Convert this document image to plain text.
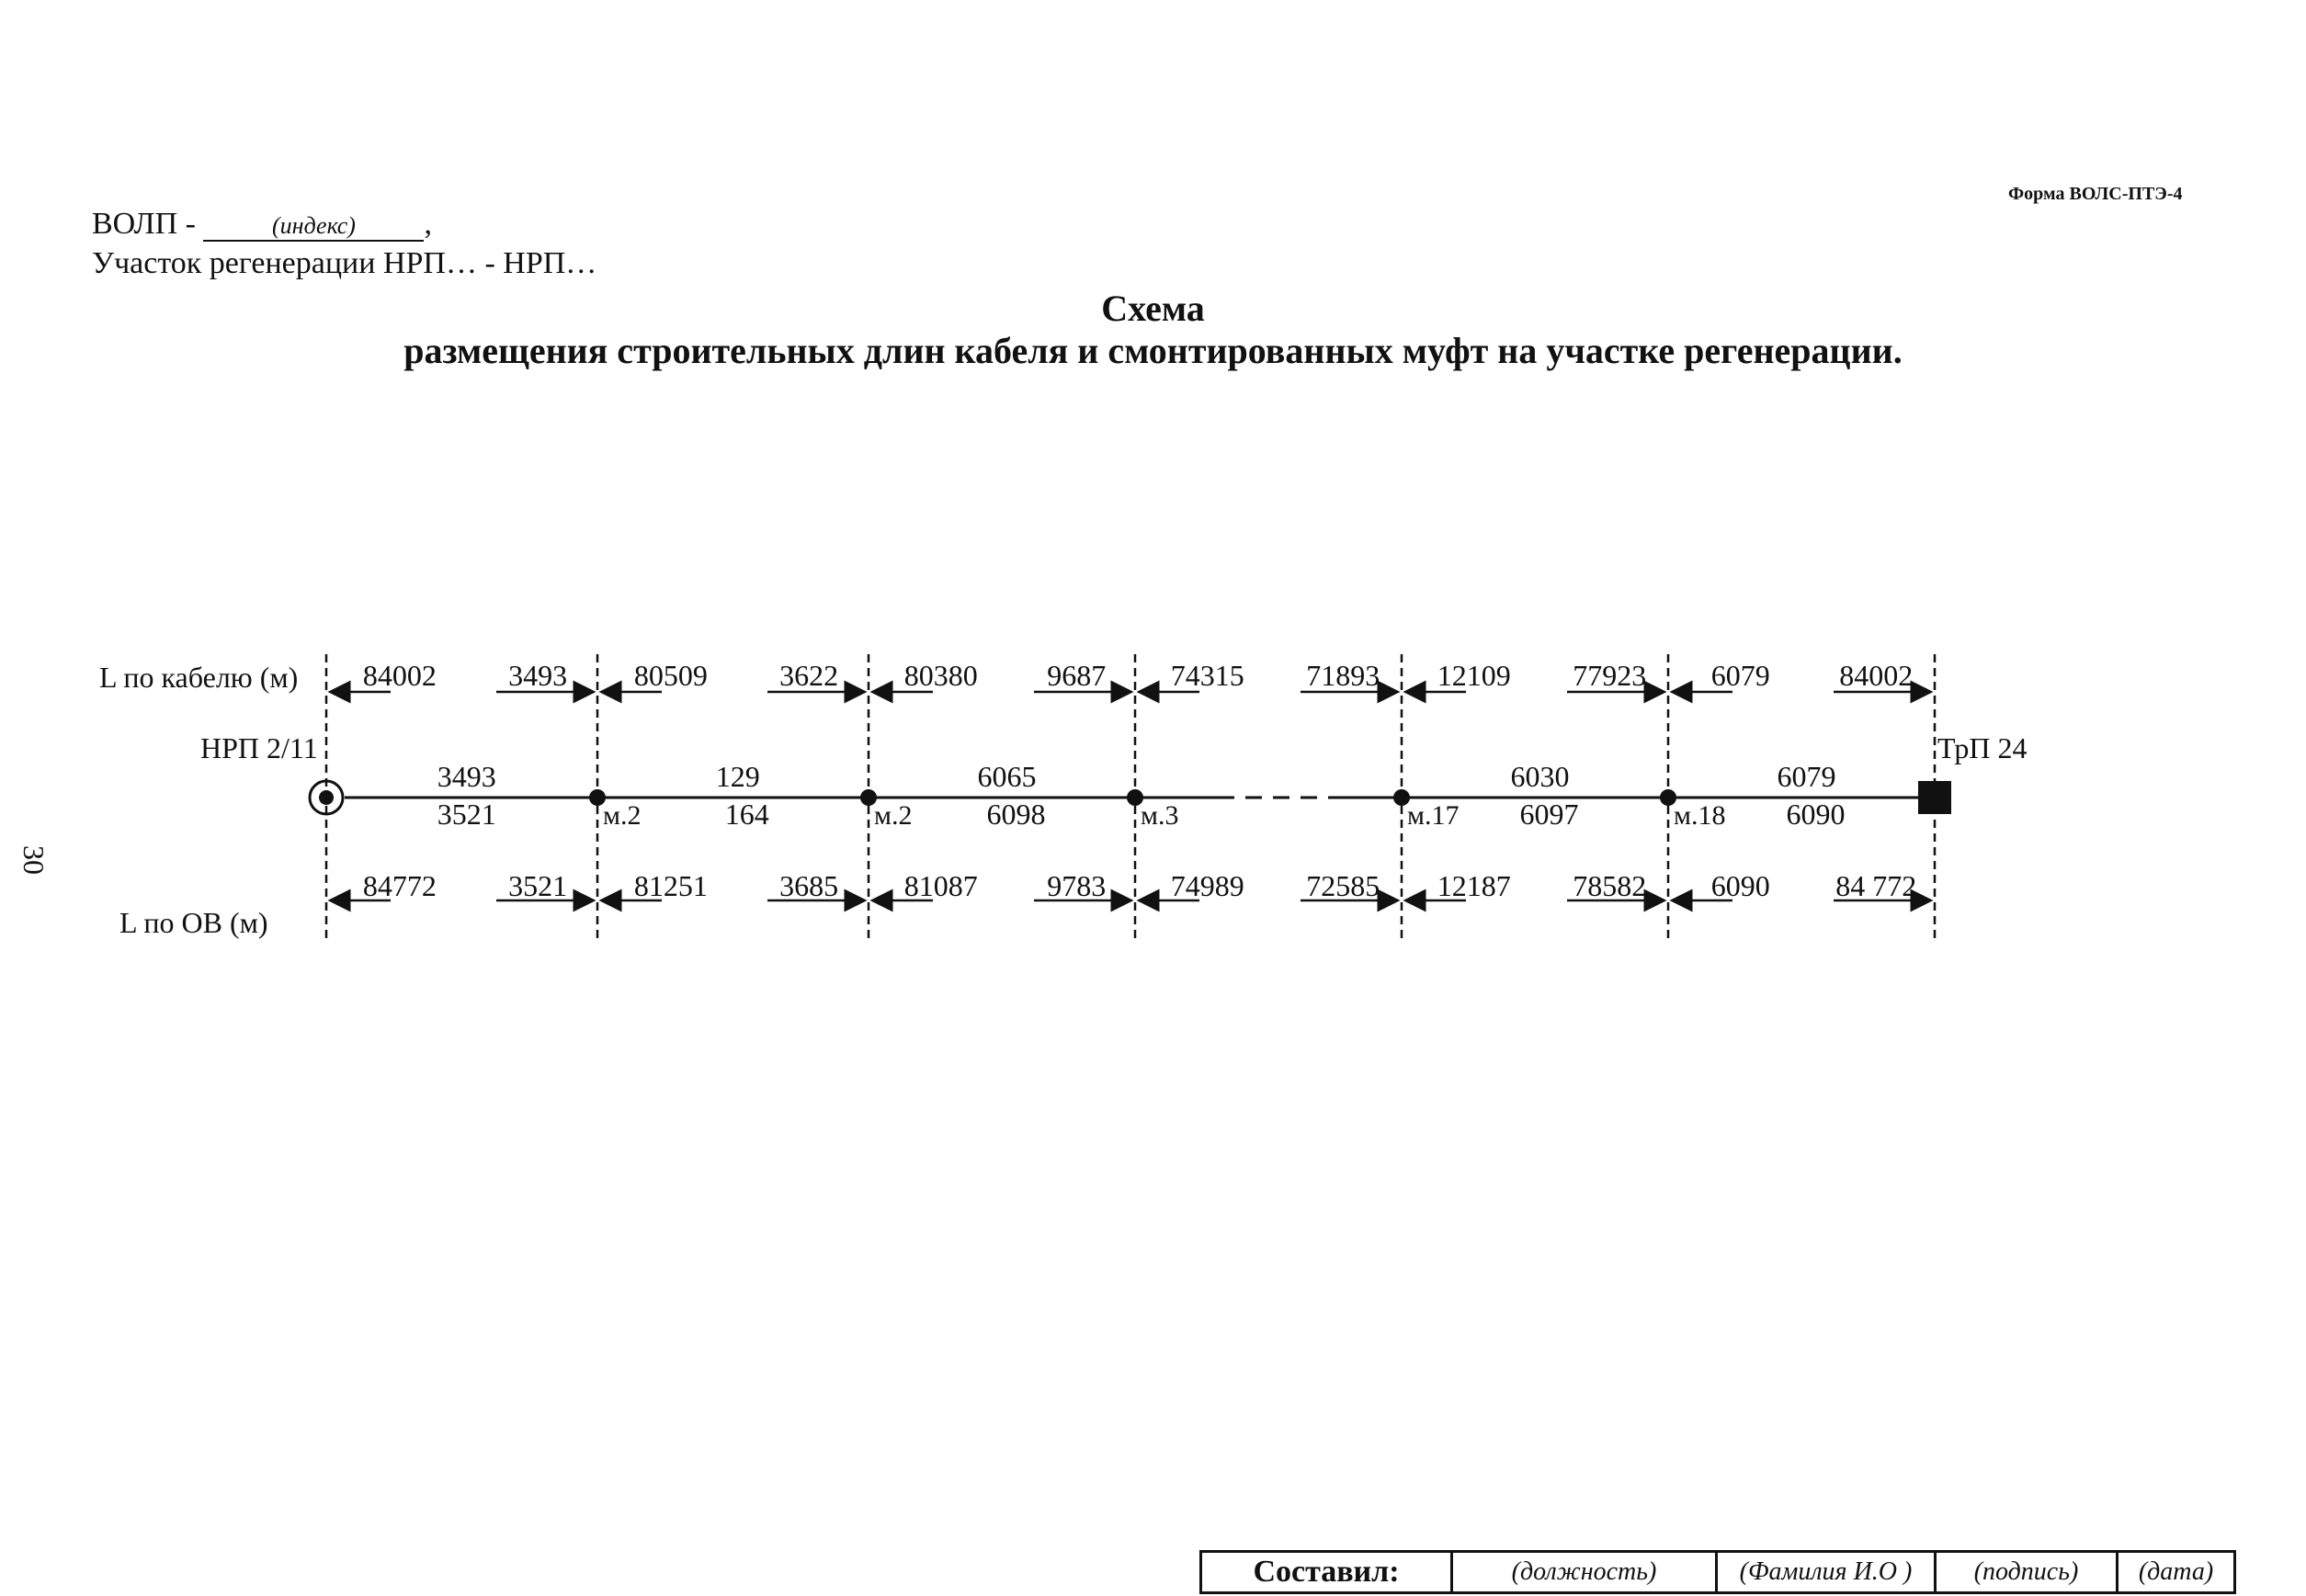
Форма ВОЛС-ПТЭ-4
ВОЛП -	(индекс) ,
Участок регенерации НРП… - НРП…
Схема
размещения строительных длин кабеля и смонтированных муфт на участке регенерации.
30
L по кабелю (м)
L по ОВ (м)
НРП 2/11	ТрП 24
м.2	м.2	м.3	м.17	м.18
84002 3493
84772 3521
3493
3521
80509 3622
81251 3685
129
164
80380 9687
81087 9783
6065
6098
74315 71893
74989 72585
12109 77923
12187 78582
6030
6097
6079 84002
6090 84 772
6079
6090
Составил:	(должность)	(Фамилия И.О )	(подпись)	(дата)
